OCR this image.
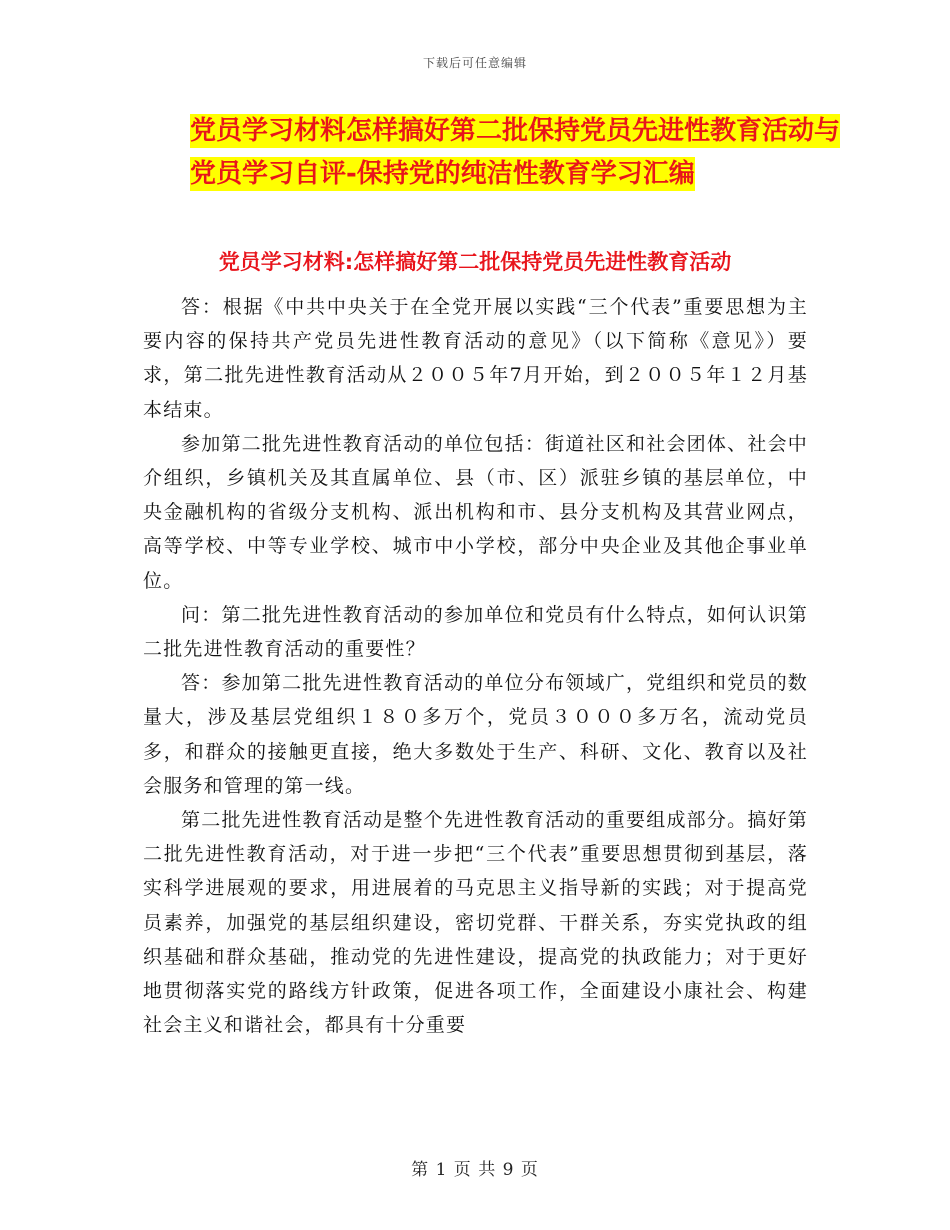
下载后可任意编辑
党员学习材料怎样搞好第二批保持党员先进性教育活动与党员学习自评-保持党的纯洁性教育学习汇编
党员学习材料:怎样搞好第二批保持党员先进性教育活动

答：根据《中共中央关于在全党开展以实践“三个代表”重要思想为主要内容的保持共产党员先进性教育活动的意见》（以下简称《意见》）要求，第二批先进性教育活动从２００５年7月开始，到２００５年１２月基本结束。

参加第二批先进性教育活动的单位包括：街道社区和社会团体、社会中介组织，乡镇机关及其直属单位、县（市、区）派驻乡镇的基层单位，中央金融机构的省级分支机构、派出机构和市、县分支机构及其营业网点，高等学校、中等专业学校、城市中小学校，部分中央企业及其他企事业单位。

问：第二批先进性教育活动的参加单位和党员有什么特点，如何认识第二批先进性教育活动的重要性？

答：参加第二批先进性教育活动的单位分布领域广，党组织和党员的数量大，涉及基层党组织１８０多万个，党员３０００多万名，流动党员多，和群众的接触更直接，绝大多数处于生产、科研、文化、教育以及社会服务和管理的第一线。

第二批先进性教育活动是整个先进性教育活动的重要组成部分。搞好第二批先进性教育活动，对于进一步把“三个代表”重要思想贯彻到基层，落实科学进展观的要求，用进展着的马克思主义指导新的实践；对于提高党员素养，加强党的基层组织建设，密切党群、干群关系，夯实党执政的组织基础和群众基础，推动党的先进性建设，提高党的执政能力；对于更好地贯彻落实党的路线方针政策，促进各项工作，全面建设小康社会、构建社会主义和谐社会，都具有十分重要

第 1 页 共 9 页
